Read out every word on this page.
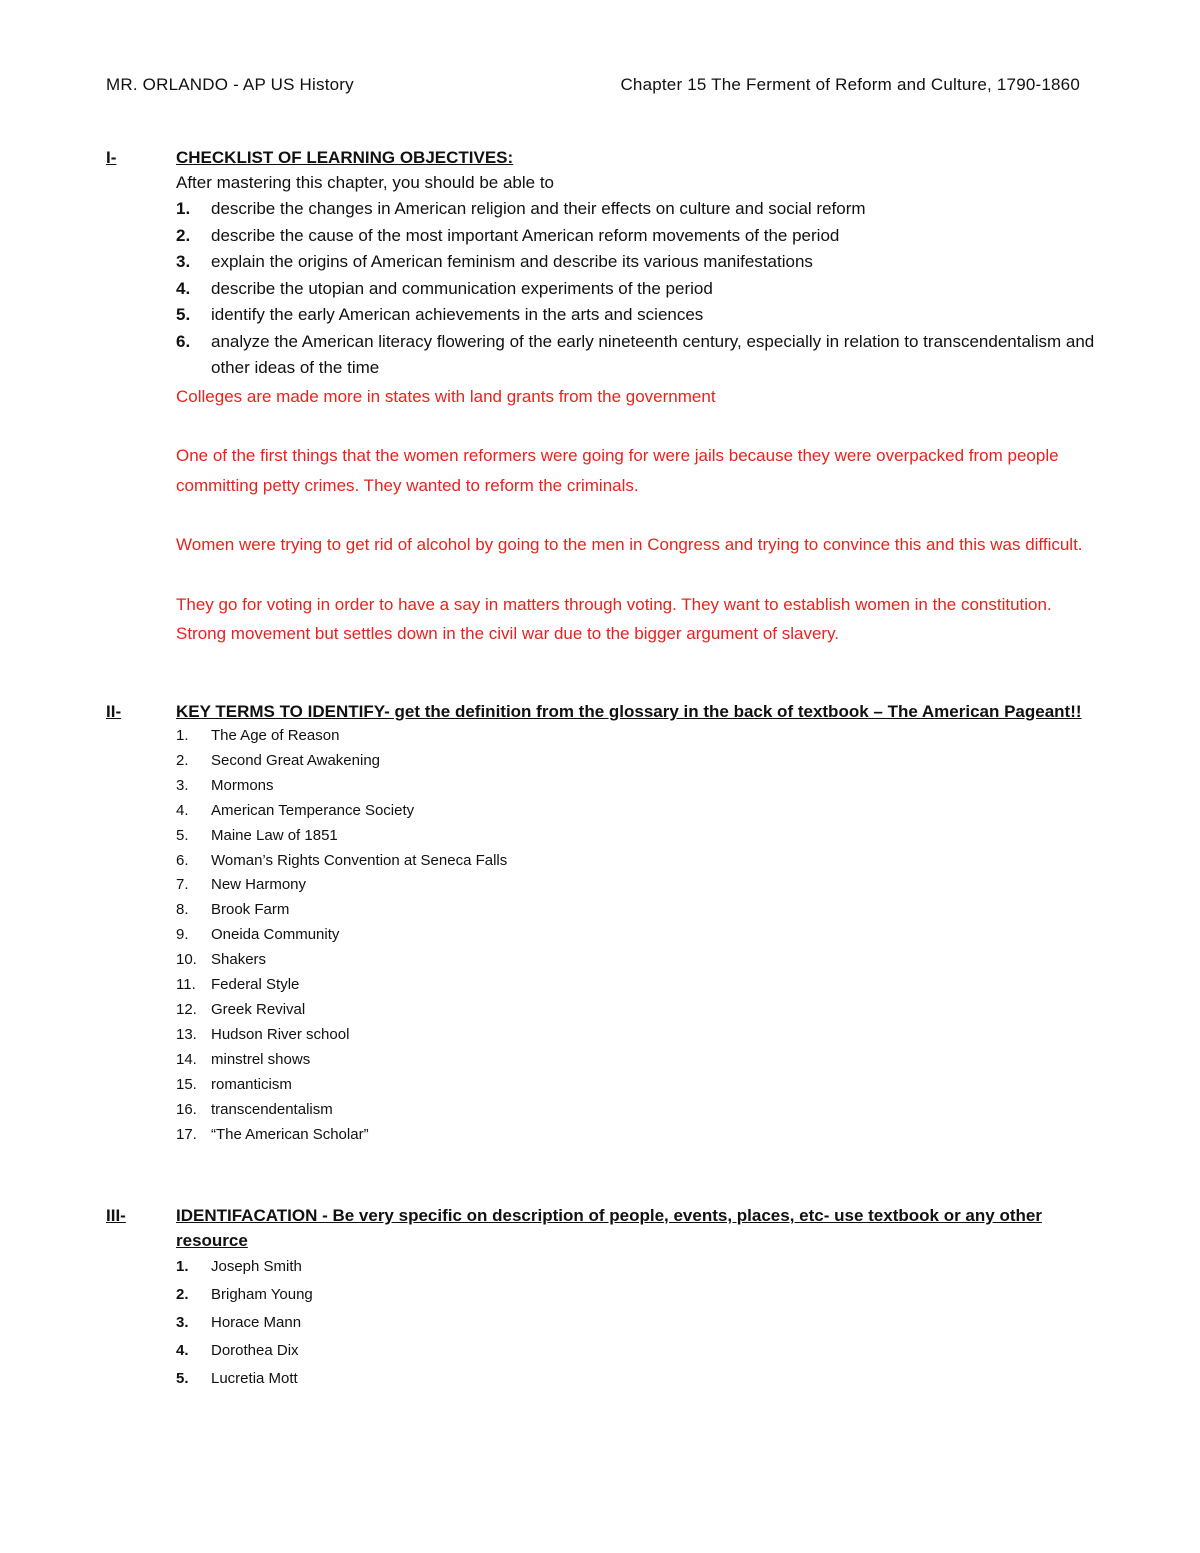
MR. ORLANDO - AP US History	Chapter 15 The Ferment of Reform and Culture, 1790-1860
I-	CHECKLIST OF LEARNING OBJECTIVES:
After mastering this chapter, you should be able to
1.	describe the changes in American religion and their effects on culture and social reform
2.	describe the cause of the most important American reform movements of the period
3.	explain the origins of American feminism and describe its various manifestations
4.	describe the utopian and communication experiments of the period
5.	identify the early American achievements in the arts and sciences
6.	analyze the American literacy flowering of the early nineteenth century, especially in relation to transcendentalism and other ideas of the time

Colleges are made more in states with land grants from the government

One of the first things that the women reformers were going for were jails because they were overpacked from people committing petty crimes. They wanted to reform the criminals.

Women were trying to get rid of alcohol by going to the men in Congress and trying to convince this and this was difficult.

They go for voting in order to have a say in matters through voting. They want to establish women in the constitution. Strong movement but settles down in the civil war due to the bigger argument of slavery.

II-	KEY TERMS TO IDENTIFY- get the definition from the glossary in the back of textbook – The American Pageant!!
1.	The Age of Reason
2.	Second Great Awakening
3.	Mormons
4.	American Temperance Society
5.	Maine Law of 1851
6.	Woman’s Rights Convention at Seneca Falls
7.	New Harmony
8.	Brook Farm
9.	Oneida Community
10. Shakers
11.	Federal Style
12. Greek Revival
13. Hudson River school
14. minstrel shows
15. romanticism
16. transcendentalism
17. “The American Scholar”
III-	IDENTIFACATION - Be very specific on description of people, events, places, etc- use textbook or any other resource
1.	Joseph Smith
2.	Brigham Young
3.	Horace Mann
4.	Dorothea Dix
5.	Lucretia Mott
